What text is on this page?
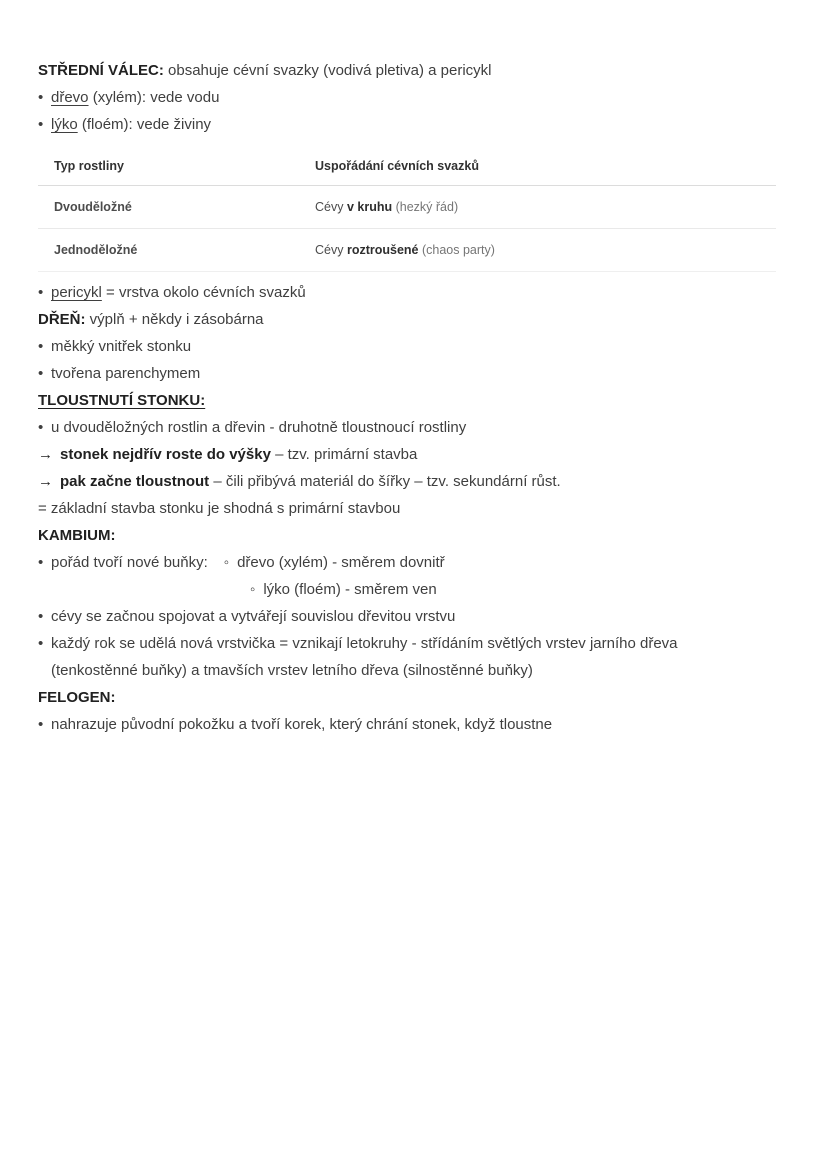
STŘEDNÍ VÁLEC: obsahuje cévní svazky (vodivá pletiva) a pericykl

• dřevo (xylém): vede vodu

• lýko (floém): vede živiny

Typ rostliny	Uspořádání cévních svazků
Dvouděložné	Cévy v kruhu (hezký řád)
Jednoděložné	Cévy roztroušené (chaos party)

• pericykl = vrstva okolo cévních svazků

DŘEŇ: výplň + někdy i zásobárna

• měkký vnitřek stonku

• tvořena parenchymem

TLOUSTNUTÍ STONKU:

• u dvouděložných rostlin a dřevin - druhotně tloustnoucí rostliny

→ stonek nejdřív roste do výšky – tzv. primární stavba

→ pak začne tloustnout – čili přibývá materiál do šířky – tzv. sekundární růst.

= základní stavba stonku je shodná s primární stavbou

KAMBIUM:

• pořád tvoří nové buňky: ◦ dřevo (xylém) - směrem dovnitř

◦ lýko (floém) - směrem ven

• cévy se začnou spojovat a vytvářejí souvislou dřevitou vrstvu

• každý rok se udělá nová vrstvička = vznikají letokruhy - střídáním světlých vrstev jarního dřeva

(tenkostěnné buňky) a tmavších vrstev letního dřeva (silnostěnné buňky)

FELOGEN:

• nahrazuje původní pokožku a tvoří korek, který chrání stonek, když tloustne
